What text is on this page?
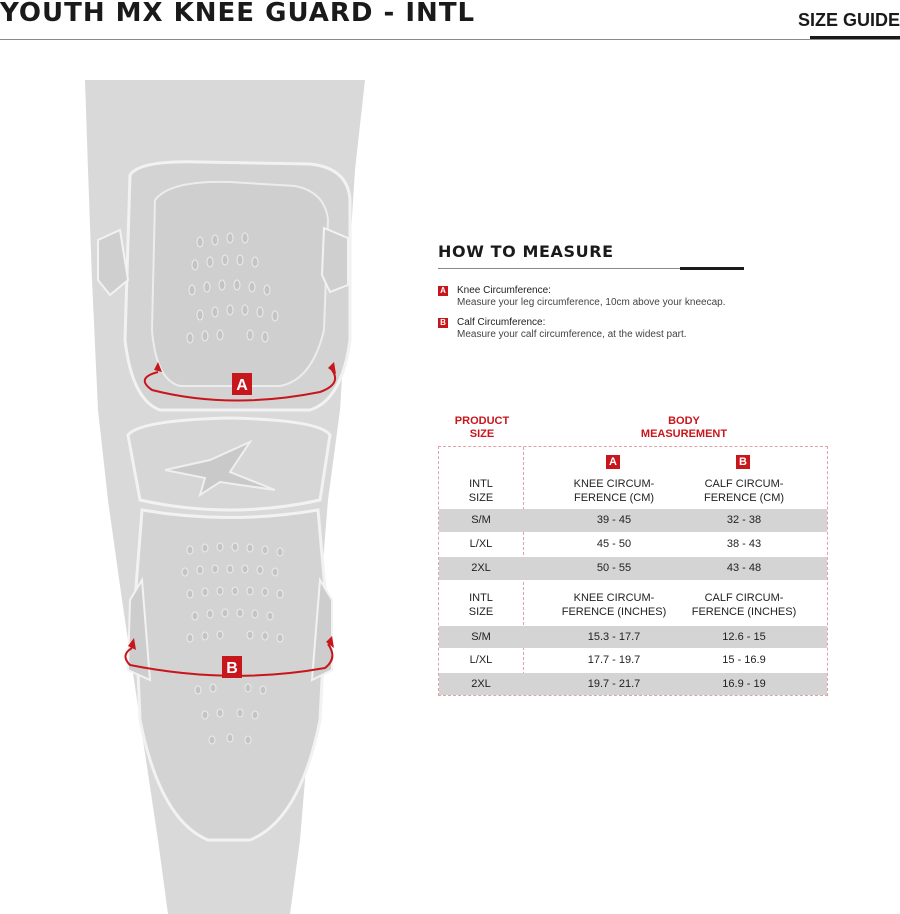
YOUTH MX KNEE GUARD - INTL	SIZE GUIDE
A
B
HOW TO MEASURE
A Knee Circumference:
Measure your leg circumference, 10cm above your kneecap.
B Calf Circumference:
Measure your calf circumference, at the widest part.
PRODUCT
SIZE
BODY
MEASUREMENT
A	B
INTL
SIZE
KNEE CIRCUM-
FERENCE (CM)
CALF CIRCUM-
FERENCE (CM)
S/M	39 - 45	32 - 38
L/XL	45 - 50	38 - 43
2XL	50 - 55	43 - 48
INTL
SIZE
KNEE CIRCUM-
FERENCE (INCHES)
CALF CIRCUM-
FERENCE (INCHES)
S/M	15.3 - 17.7	12.6 - 15
L/XL	17.7 - 19.7	15 - 16.9
2XL	19.7 - 21.7	16.9 - 19
